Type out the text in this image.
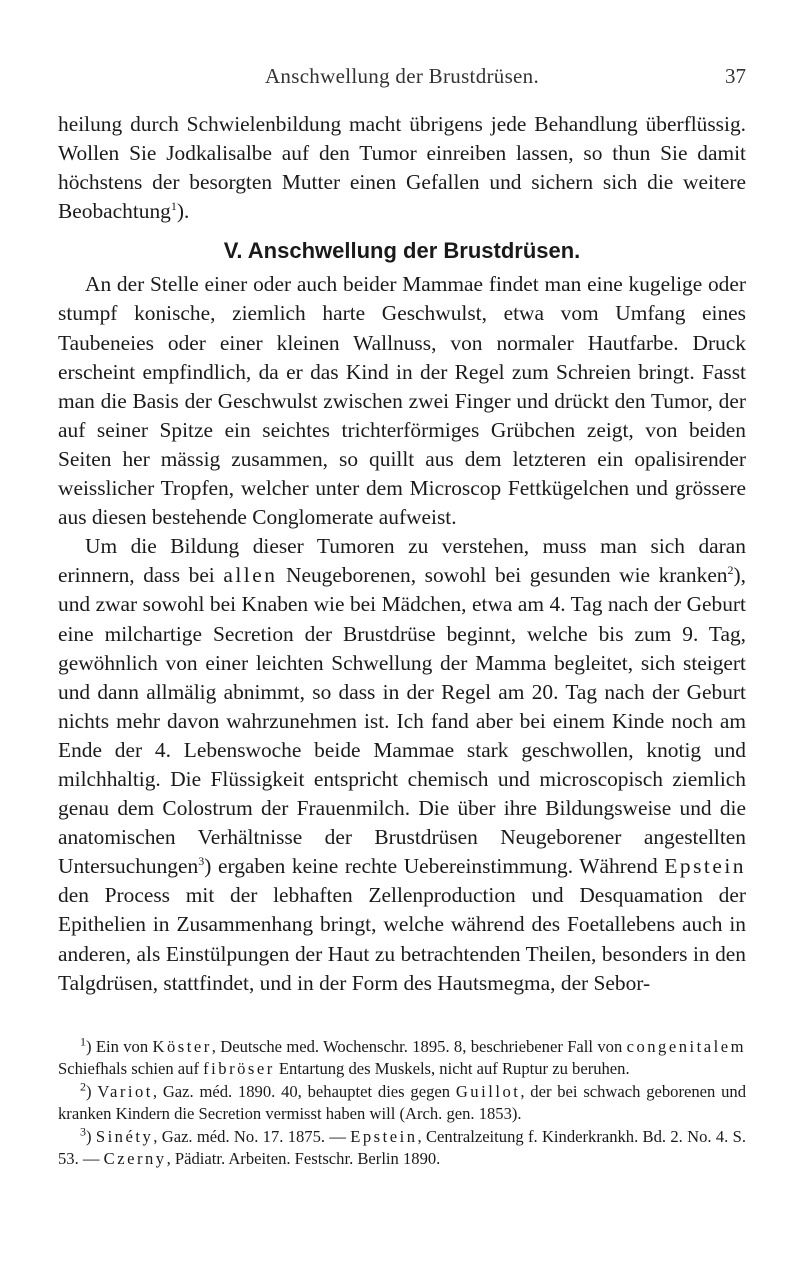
Anschwellung der Brustdrüsen.	37

heilung durch Schwielenbildung macht übrigens jede Behandlung überflüssig. Wollen Sie Jodkalisalbe auf den Tumor einreiben lassen, so thun Sie damit höchstens der besorgten Mutter einen Gefallen und sichern sich die weitere Beobachtung$^1$).

V. Anschwellung der Brustdrüsen.

An der Stelle einer oder auch beider Mammae findet man eine kugelige oder stumpf konische, ziemlich harte Geschwulst, etwa vom Umfang eines Taubeneies oder einer kleinen Wallnuss, von normaler Hautfarbe. Druck erscheint empfindlich, da er das Kind in der Regel zum Schreien bringt. Fasst man die Basis der Geschwulst zwischen zwei Finger und drückt den Tumor, der auf seiner Spitze ein seichtes trichterförmiges Grübchen zeigt, von beiden Seiten her mässig zusammen, so quillt aus dem letzteren ein opalisirender weisslicher Tropfen, welcher unter dem Microscop Fettkügelchen und grössere aus diesen bestehende Conglomerate aufweist.

Um die Bildung dieser Tumoren zu verstehen, muss man sich daran erinnern, dass bei allen Neugeborenen, sowohl bei gesunden wie kranken$^2$), und zwar sowohl bei Knaben wie bei Mädchen, etwa am 4. Tag nach der Geburt eine milchartige Secretion der Brustdrüse beginnt, welche bis zum 9. Tag, gewöhnlich von einer leichten Schwellung der Mamma begleitet, sich steigert und dann allmälig abnimmt, so dass in der Regel am 20. Tag nach der Geburt nichts mehr davon wahrzunehmen ist. Ich fand aber bei einem Kinde noch am Ende der 4. Lebenswoche beide Mammae stark geschwollen, knotig und milchhaltig. Die Flüssigkeit entspricht chemisch und microscopisch ziemlich genau dem Colostrum der Frauenmilch. Die über ihre Bildungsweise und die anatomischen Verhältnisse der Brustdrüsen Neugeborener angestellten Untersuchungen$^3$) ergaben keine rechte Uebereinstimmung. Während Epstein den Process mit der lebhaften Zellenproduction und Desquamation der Epithelien in Zusammenhang bringt, welche während des Foetallebens auch in anderen, als Einstülpungen der Haut zu betrachtenden Theilen, besonders in den Talgdrüsen, stattfindet, und in der Form des Hautsmegma, der Sebor-

$^1$) Ein von Köster, Deutsche med. Wochenschr. 1895. 8, beschriebener Fall von congenitalem Schiefhals schien auf fibröser Entartung des Muskels, nicht auf Ruptur zu beruhen.

$^2$) Variot, Gaz. méd. 1890. 40, behauptet dies gegen Guillot, der bei schwach geborenen und kranken Kindern die Secretion vermisst haben will (Arch. gen. 1853).

$^3$) Sinéty, Gaz. méd. No. 17. 1875. — Epstein, Centralzeitung f. Kinderkrankh. Bd. 2. No. 4. S. 53. — Czerny, Pädiatr. Arbeiten. Festschr. Berlin 1890.
